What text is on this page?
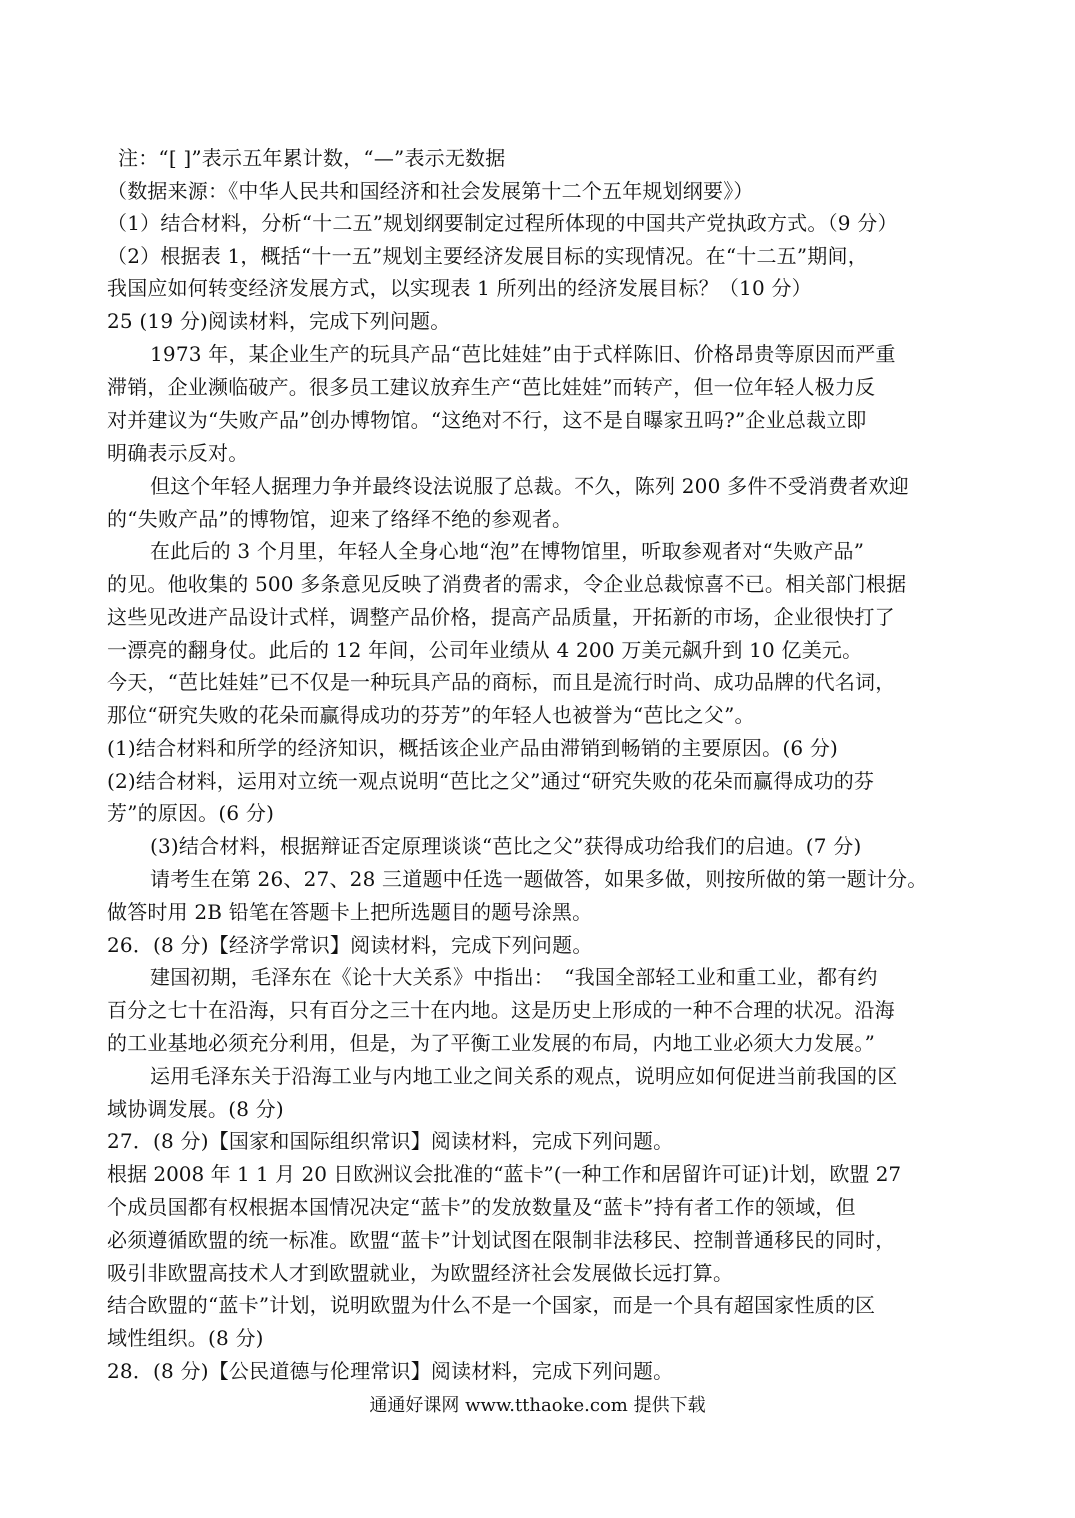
注：“[ ]”表示五年累计数，“—”表示无数据
（数据来源：《中华人民共和国经济和社会发展第十二个五年规划纲要》）
（1）结合材料，分析“十二五”规划纲要制定过程所体现的中国共产党执政方式。（9 分）
（2）根据表 1，概括“十一五”规划主要经济发展目标的实现情况。在“十二五”期间，
我国应如何转变经济发展方式，以实现表 1 所列出的经济发展目标？（10 分）
25 (19 分)阅读材料，完成下列问题。
1973 年，某企业生产的玩具产品“芭比娃娃”由于式样陈旧、价格昂贵等原因而严重
滞销，企业濒临破产。很多员工建议放弃生产“芭比娃娃”而转产，但一位年轻人极力反
对并建议为“失败产品”创办博物馆。“这绝对不行，这不是自曝家丑吗?”企业总裁立即
明确表示反对。
但这个年轻人据理力争并最终设法说服了总裁。不久，陈列 200 多件不受消费者欢迎
的“失败产品”的博物馆，迎来了络绎不绝的参观者。
在此后的 3 个月里，年轻人全身心地“泡”在博物馆里，听取参观者对“失败产品”
的见。他收集的 500 多条意见反映了消费者的需求，令企业总裁惊喜不已。相关部门根据
这些见改进产品设计式样，调整产品价格，提高产品质量，开拓新的市场，企业很快打了
一漂亮的翻身仗。此后的 12 年间，公司年业绩从 4 200 万美元飙升到 10 亿美元。
今天，“芭比娃娃”已不仅是一种玩具产品的商标，而且是流行时尚、成功品牌的代名词，
那位“研究失败的花朵而赢得成功的芬芳”的年轻人也被誉为“芭比之父”。
(1)结合材料和所学的经济知识，概括该企业产品由滞销到畅销的主要原因。(6 分)
(2)结合材料，运用对立统一观点说明“芭比之父”通过“研究失败的花朵而赢得成功的芬
芳”的原因。(6 分)
(3)结合材料，根据辩证否定原理谈谈“芭比之父”获得成功给我们的启迪。(7 分)
请考生在第 26、27、28 三道题中任选一题做答，如果多做，则按所做的第一题计分。
做答时用 2B 铅笔在答题卡上把所选题目的题号涂黑。
26．(8 分)【经济学常识】阅读材料，完成下列问题。
建国初期，毛泽东在《论十大关系》中指出：　“我国全部轻工业和重工业，都有约
百分之七十在沿海，只有百分之三十在内地。这是历史上形成的一种不合理的状况。沿海
的工业基地必须充分利用，但是，为了平衡工业发展的布局，内地工业必须大力发展。”
运用毛泽东关于沿海工业与内地工业之间关系的观点，说明应如何促进当前我国的区
域协调发展。(8 分)
27．(8 分)【国家和国际组织常识】阅读材料，完成下列问题。
根据 2008 年 1 1 月 20 日欧洲议会批准的“蓝卡”(一种工作和居留许可证)计划，欧盟 27
个成员国都有权根据本国情况决定“蓝卡”的发放数量及“蓝卡”持有者工作的领域，但
必须遵循欧盟的统一标准。欧盟“蓝卡”计划试图在限制非法移民、控制普通移民的同时，
吸引非欧盟高技术人才到欧盟就业，为欧盟经济社会发展做长远打算。
结合欧盟的“蓝卡”计划，说明欧盟为什么不是一个国家，而是一个具有超国家性质的区
域性组织。(8 分)
28．(8 分)【公民道德与伦理常识】阅读材料，完成下列问题。
通通好课网 www.tthaoke.com 提供下载
